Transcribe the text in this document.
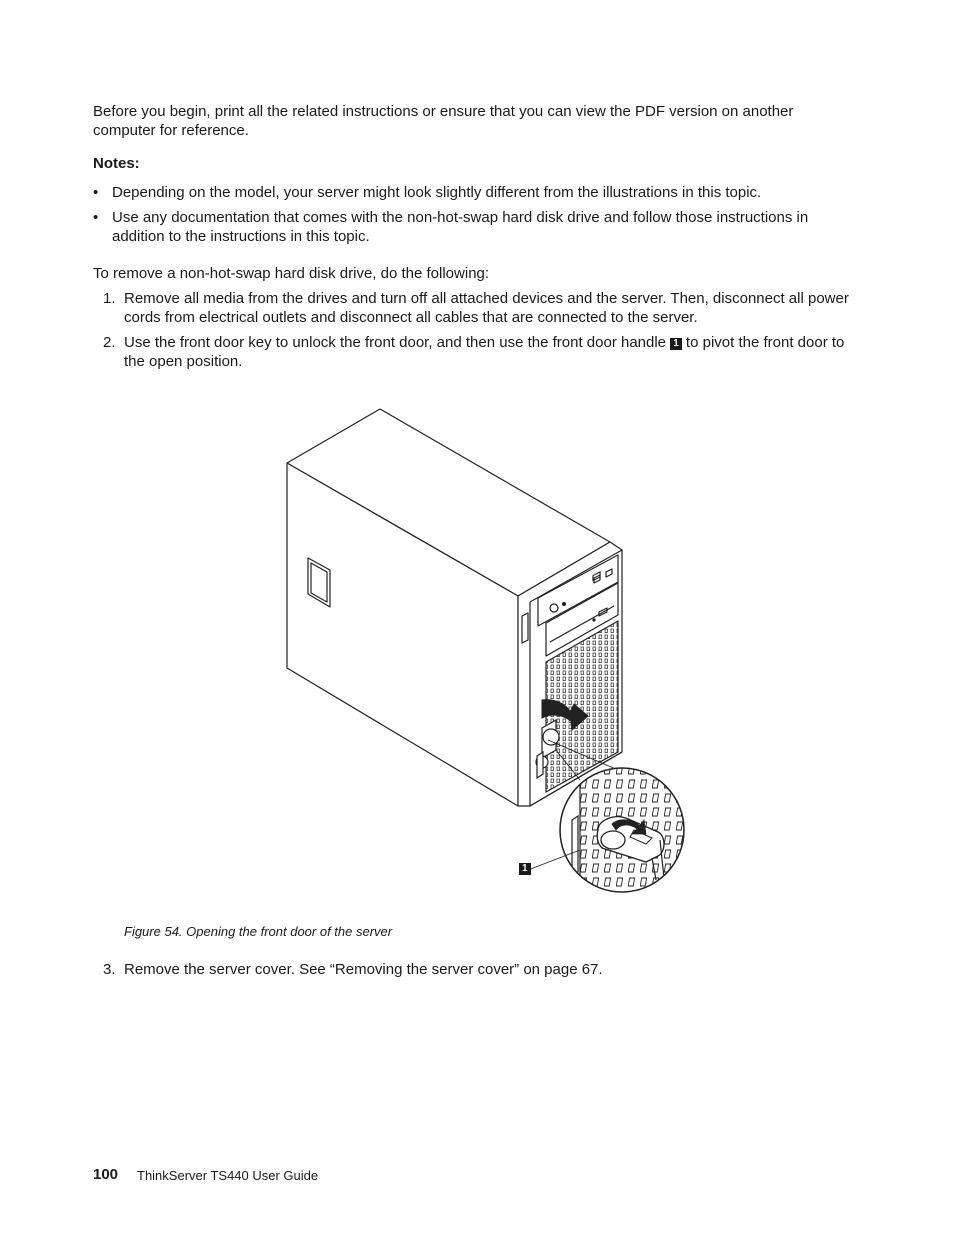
Before you begin, print all the related instructions or ensure that you can view the PDF version on another computer for reference.

Notes:

• Depending on the model, your server might look slightly different from the illustrations in this topic.
• Use any documentation that comes with the non-hot-swap hard disk drive and follow those instructions in addition to the instructions in this topic.

To remove a non-hot-swap hard disk drive, do the following:

1. Remove all media from the drives and turn off all attached devices and the server. Then, disconnect all power cords from electrical outlets and disconnect all cables that are connected to the server.
2. Use the front door key to unlock the front door, and then use the front door handle 1 to pivot the front door to the open position.
1

Figure 54. Opening the front door of the server

3. Remove the server cover. See “Removing the server cover” on page 67.
100 ThinkServer TS440 User Guide
